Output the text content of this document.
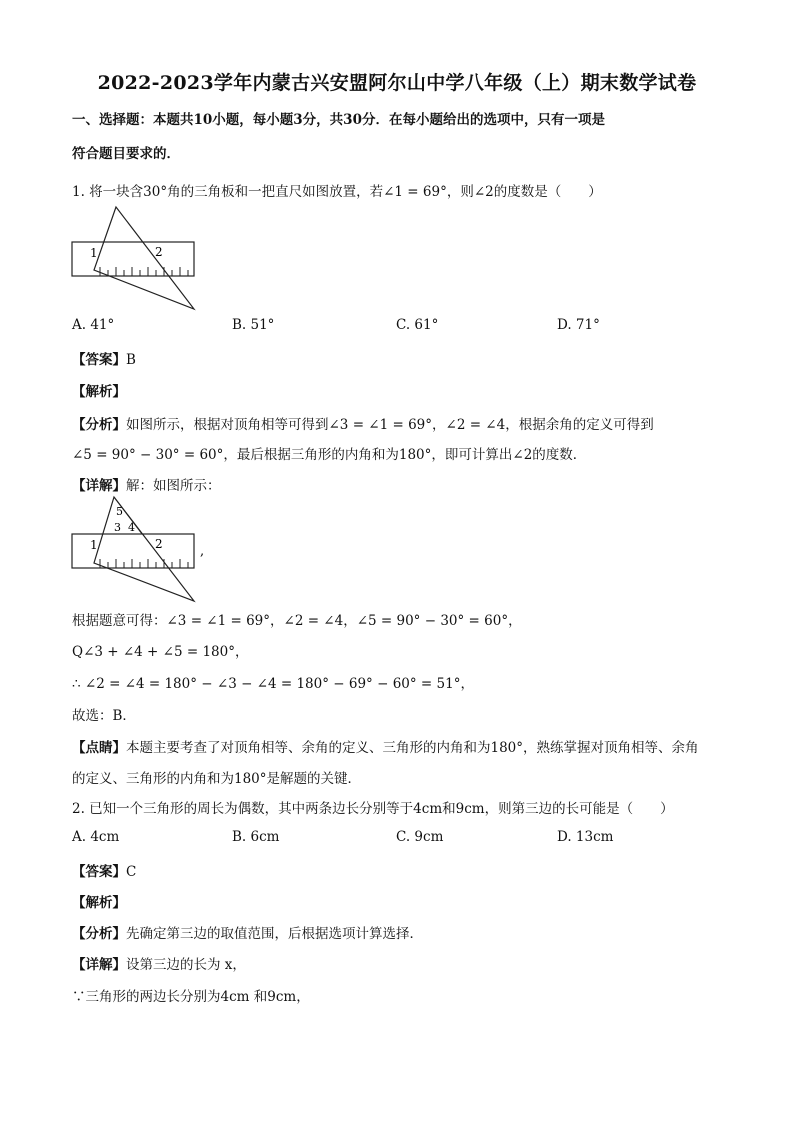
2022-2023学年内蒙古兴安盟阿尔山中学八年级（上）期末数学试卷
一、选择题：本题共10小题，每小题3分，共30分．在每小题给出的选项中，只有一项是
符合题目要求的．
1. 将一块含30°角的三角板和一把直尺如图放置，若∠1 = 69°，则∠2的度数是（　　）
1	2
A. 41°	B. 51°	C. 61°	D. 71°
【答案】B
【解析】
【分析】如图所示，根据对顶角相等可得到∠3 = ∠1 = 69°，∠2 = ∠4，根据余角的定义可得到
∠5 = 90° − 30° = 60°，最后根据三角形的内角和为180°，即可计算出∠2的度数．
【详解】解：如图所示：
5
3 4
1	2	,
根据题意可得：∠3 = ∠1 = 69°，∠2 = ∠4，∠5 = 90° − 30° = 60°，
Q∠3 + ∠4 + ∠5 = 180°，
∴ ∠2 = ∠4 = 180° − ∠3 − ∠4 = 180° − 69° − 60° = 51°，
故选：B．
【点睛】本题主要考查了对顶角相等、余角的定义、三角形的内角和为180°，熟练掌握对顶角相等、余角
的定义、三角形的内角和为180°是解题的关键．
2. 已知一个三角形的周长为偶数，其中两条边长分别等于4cm和9cm，则第三边的长可能是（　　）
A. 4cm	B. 6cm	C. 9cm	D. 13cm
【答案】C
【解析】
【分析】先确定第三边的取值范围，后根据选项计算选择．
【详解】设第三边的长为 x，
∵三角形的两边长分别为4cm 和9cm，
